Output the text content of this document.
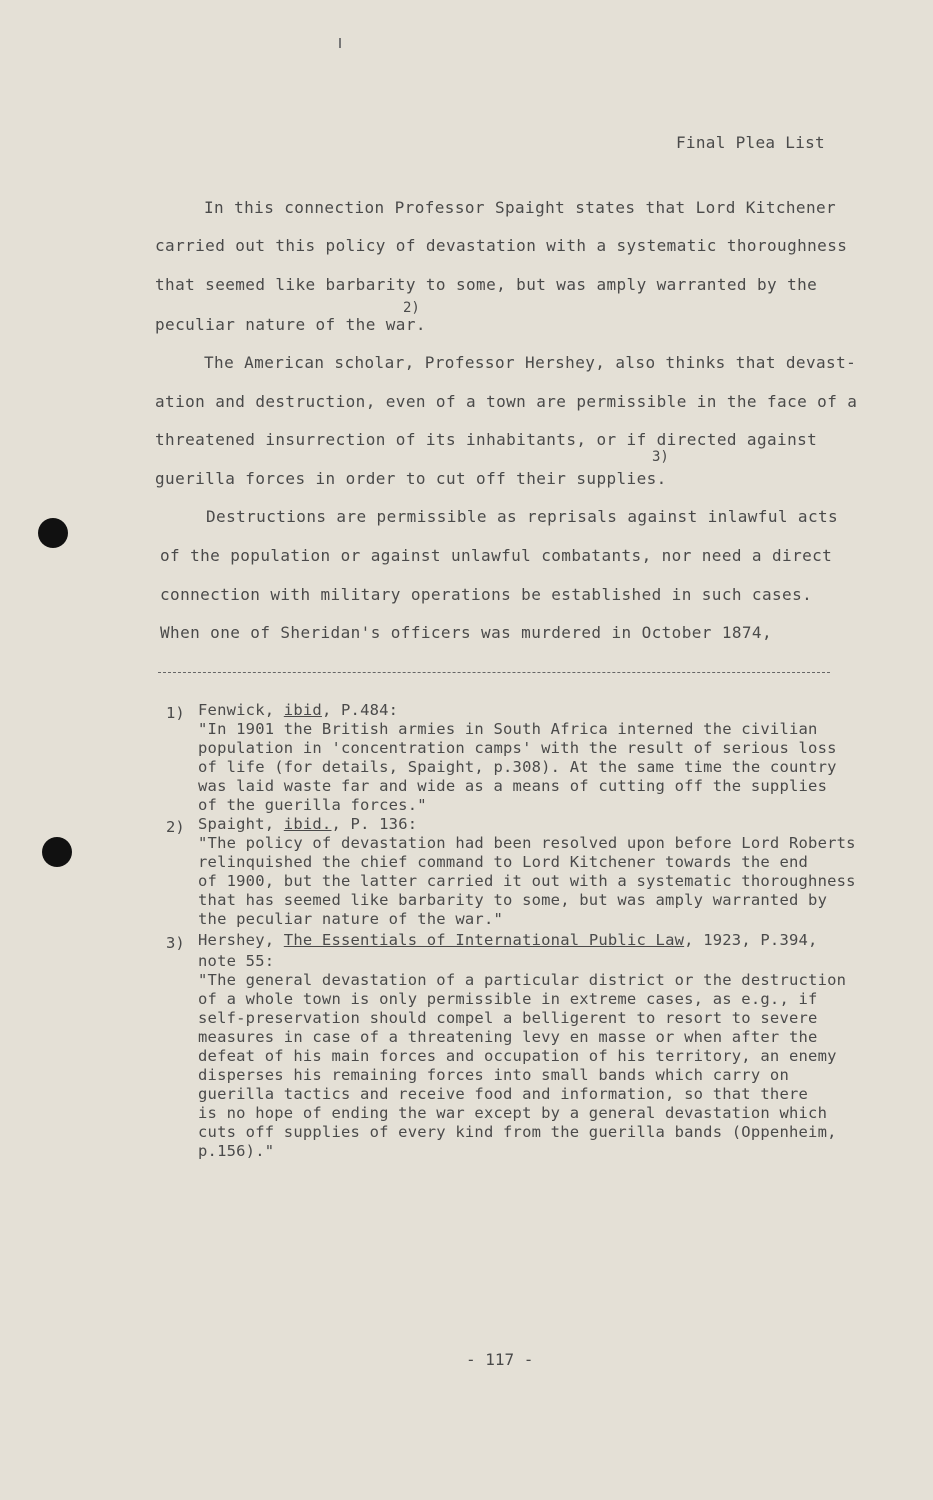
Final Plea List
In this connection Professor Spaight states that Lord Kitchener
carried out this policy of devastation with a systematic thoroughness
that seemed like barbarity to some, but was amply warranted by the
peculiar nature of the war.
2)
The American scholar, Professor Hershey, also thinks that devast-
ation and destruction, even of a town are permissible in the face of a
threatened insurrection of its inhabitants, or if directed against
guerilla forces in order to cut off their supplies.
3)
Destructions are permissible as reprisals against inlawful acts
of the population or against unlawful combatants, nor need a direct
connection with military operations be established in such cases.
When one of Sheridan's officers was murdered in October 1874,
1) Fenwick, ibid, P.484:
"In 1901 the British armies in South Africa interned the civilian
population in 'concentration camps' with the result of serious loss
of life (for details, Spaight, p.308). At the same time the country
was laid waste far and wide as a means of cutting off the supplies
of the guerilla forces."
2) Spaight, ibid., P. 136:
"The policy of devastation had been resolved upon before Lord Roberts
relinquished the chief command to Lord Kitchener towards the end
of 1900, but the latter carried it out with a systematic thoroughness
that has seemed like barbarity to some, but was amply warranted by
the peculiar nature of the war."
3) Hershey, The Essentials of International Public Law, 1923, P.394,
note 55:
"The general devastation of a particular district or the destruction
of a whole town is only permissible in extreme cases, as e.g., if
self-preservation should compel a belligerent to resort to severe
measures in case of a threatening levy en masse or when after the
defeat of his main forces and occupation of his territory, an enemy
disperses his remaining forces into small bands which carry on
guerilla tactics and receive food and information, so that there
is no hope of ending the war except by a general devastation which
cuts off supplies of every kind from the guerilla bands (Oppenheim,
p.156)."
- 117 -
